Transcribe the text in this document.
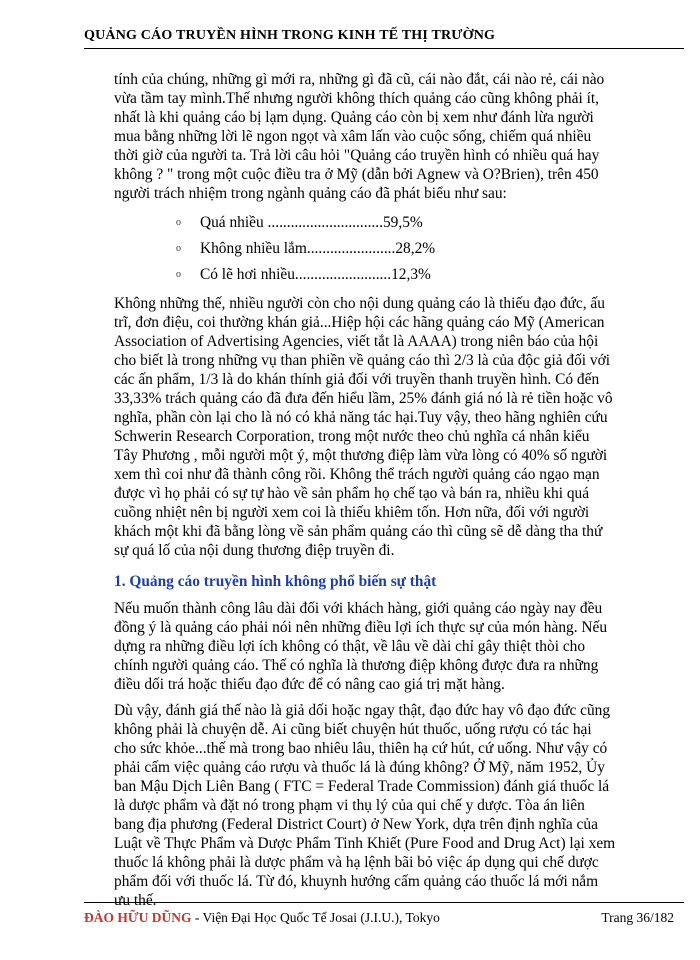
QUẢNG CÁO TRUYỀN HÌNH TRONG KINH TẾ THỊ TRƯỜNG

tính của chúng, những gì mới ra, những gì đã cũ, cái nào đắt, cái nào rẻ, cái nào vừa tầm tay mình.Thế nhưng người không thích quảng cáo cũng không phải ít, nhất là khi quảng cáo bị lạm dụng. Quảng cáo còn bị xem như đánh lừa người mua bằng những lời lẽ ngon ngọt và xâm lấn vào cuộc sống, chiếm quá nhiều thời giờ của người ta. Trả lời câu hỏi "Quảng cáo truyền hình có nhiều quá hay không ? " trong một cuộc điều tra ở Mỹ (dẫn bởi Agnew và O?Brien), trên 450 người trách nhiệm trong ngành quảng cáo đã phát biểu như sau:

o Quá nhiều ..............................59,5%
o Không nhiều lắm.......................28,2%
o Có lẽ hơi nhiều.........................12,3%

Không những thế, nhiều người còn cho nội dung quảng cáo là thiếu đạo đức, ấu trĩ, đơn điệu, coi thường khán giả...Hiệp hội các hãng quảng cáo Mỹ (American Association of Advertising Agencies, viết tắt là AAAA) trong niên báo của hội cho biết là trong những vụ than phiền về quảng cáo thì 2/3 là của độc giả đối với các ấn phẩm, 1/3 là do khán thính giả đối với truyền thanh truyền hình. Có đến 33,33% trách quảng cáo đã đưa đến hiểu lầm, 25% đánh giá nó là rẻ tiền hoặc vô nghĩa, phần còn lại cho là nó có khả năng tác hại.Tuy vậy, theo hãng nghiên cứu Schwerin Research Corporation, trong một nước theo chủ nghĩa cá nhân kiểu Tây Phương , mỗi người một ý, một thương điệp làm vừa lòng có 40% số người xem thì coi như đã thành công rồi. Không thể trách người quảng cáo ngạo mạn được vì họ phải có sự tự hào về sản phẩm họ chế tạo và bán ra, nhiều khi quá cuồng nhiệt nên bị người xem coi là thiếu khiêm tốn. Hơn nữa, đối với người khách một khi đã bằng lòng về sản phẩm quảng cáo thì cũng sẽ dễ dàng tha thứ sự quá lố của nội dung thương điệp truyền đi.

1. Quảng cáo truyền hình không phổ biến sự thật

Nếu muốn thành công lâu dài đối với khách hàng, giới quảng cáo ngày nay đều đồng ý là quảng cáo phải nói nên những điều lợi ích thực sự của món hàng. Nếu dựng ra những điều lợi ích không có thật, về lâu về dài chỉ gây thiệt thòi cho chính người quảng cáo. Thế có nghĩa là thương điệp không được đưa ra những điều dối trá hoặc thiếu đạo đức để có nâng cao giá trị mặt hàng.

Dù vậy, đánh giá thế nào là giả dối hoặc ngay thật, đạo đức hay vô đạo đức cũng không phải là chuyện dễ. Ai cũng biết chuyện hút thuốc, uống rượu có tác hại cho sức khỏe...thế mà trong bao nhiêu lâu, thiên hạ cứ hút, cứ uống. Như vậy có phải cấm việc quảng cáo rượu và thuốc lá là đúng không? Ở Mỹ, năm 1952, Ủy ban Mậu Dịch Liên Bang ( FTC = Federal Trade Commission) đánh giá thuốc lá là dược phẩm và đặt nó trong phạm vi thụ lý của qui chế y dược. Tòa án liên bang địa phương (Federal District Court) ở New York, dựa trên định nghĩa của Luật về Thực Phẩm và Dược Phẩm Tinh Khiết (Pure Food and Drug Act) lại xem thuốc lá không phải là dược phẩm và hạ lệnh bãi bỏ việc áp dụng qui chế dược phẩm đối với thuốc lá. Từ đó, khuynh hướng cấm quảng cáo thuốc lá mới nắm ưu thế.

ĐÀO HỮU DŨNG - Viện Đại Học Quốc Tế Josai (J.I.U.), Tokyo	Trang 36/182
